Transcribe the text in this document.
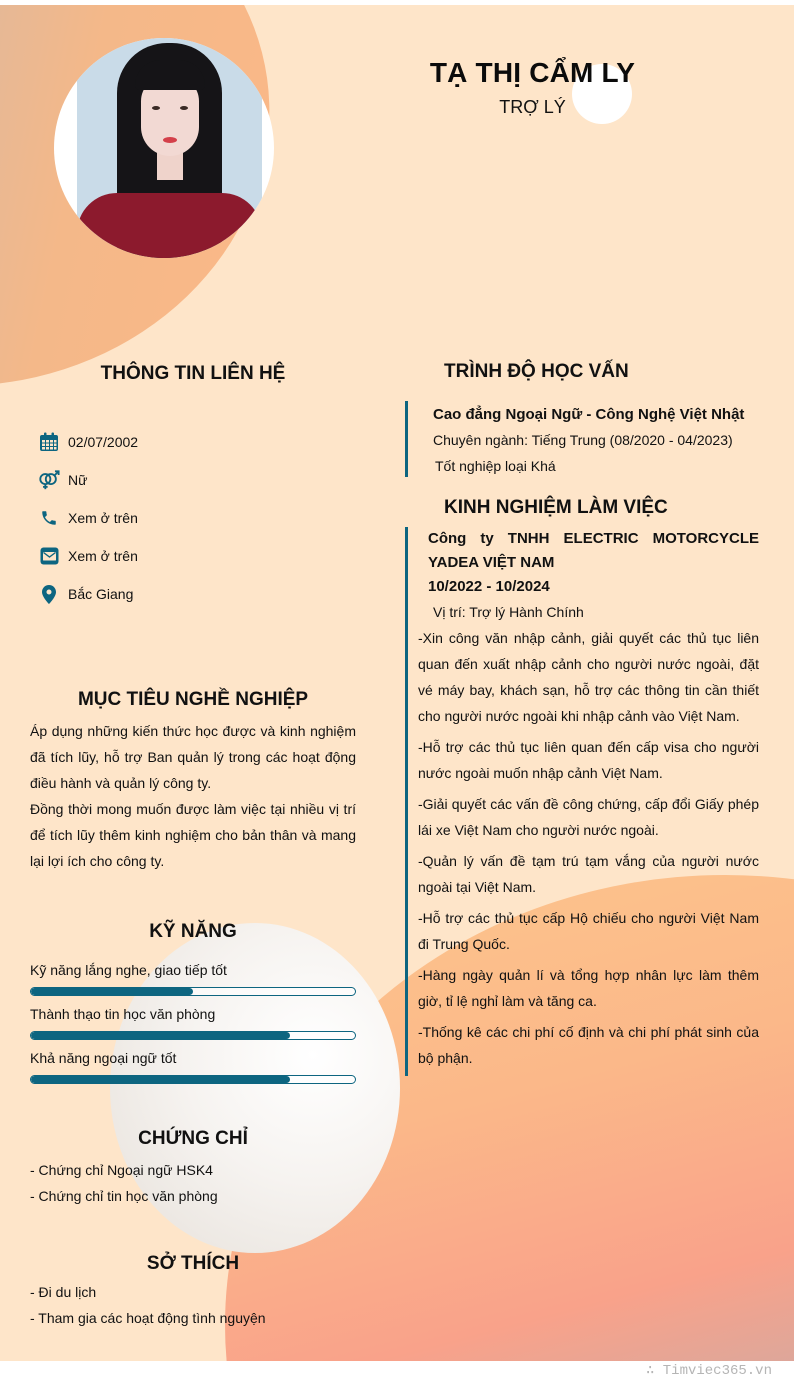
TẠ THỊ CẨM LY
TRỢ LÝ
THÔNG TIN LIÊN HỆ
02/07/2002
Nữ
Xem ở trên
Xem ở trên
Bắc Giang
MỤC TIÊU NGHỀ NGHIỆP
Áp dụng những kiến thức học được và kinh nghiệm đã tích lũy, hỗ trợ Ban quản lý trong các hoạt động điều hành và quản lý công ty.
Đồng thời mong muốn được làm việc tại nhiều vị trí để tích lũy thêm kinh nghiệm cho bản thân và mang lại lợi ích cho công ty.
KỸ NĂNG
Kỹ năng lắng nghe, giao tiếp tốt
Thành thạo tin học văn phòng
Khả năng ngoại ngữ tốt
CHỨNG CHỈ
- Chứng chỉ Ngoại ngữ HSK4
- Chứng chỉ tin học văn phòng
SỞ THÍCH
- Đi du lịch
- Tham gia các hoạt động tình nguyện
TRÌNH ĐỘ HỌC VẤN
Cao đẳng Ngoại Ngữ - Công Nghệ Việt Nhật
Chuyên ngành: Tiếng Trung (08/2020 - 04/2023)
Tốt nghiệp loại Khá
KINH NGHIỆM LÀM VIỆC
Công ty TNHH ELECTRIC MOTORCYCLE
YADEA VIỆT NAM
10/2022 - 10/2024
Vị trí: Trợ lý Hành Chính
-Xin công văn nhập cảnh, giải quyết các thủ tục liên quan đến xuất nhập cảnh cho người nước ngoài, đặt vé máy bay, khách sạn, hỗ trợ các thông tin cần thiết cho người nước ngoài khi nhập cảnh vào Việt Nam.
-Hỗ trợ các thủ tục liên quan đến cấp visa cho người nước ngoài muốn nhập cảnh Việt Nam.
-Giải quyết các vấn đề công chứng, cấp đổi Giấy phép lái xe Việt Nam cho người nước ngoài.
-Quản lý vấn đề tạm trú tạm vắng của người nước ngoài tại Việt Nam.
-Hỗ trợ các thủ tục cấp Hộ chiếu cho người Việt Nam đi Trung Quốc.
-Hàng ngày quản lí và tổng hợp nhân lực làm thêm giờ, tỉ lệ nghỉ làm và tăng ca.
-Thống kê các chi phí cố định và chi phí phát sinh của bộ phận.
∴ Timviec365.vn
